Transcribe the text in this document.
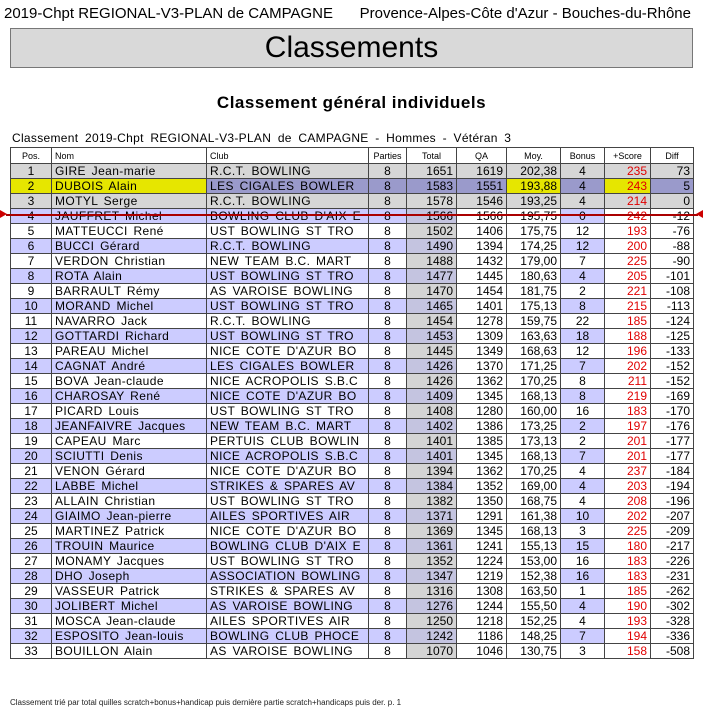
2019-Chpt REGIONAL-V3-PLAN de CAMPAGNE Provence-Alpes-Côte d'Azur - Bouches-du-Rhône
Classements
Classement général individuels
Classement 2019-Chpt REGIONAL-V3-PLAN de CAMPAGNE - Hommes - Vétéran 3
Pos.	Nom	Club	Parties	Total	QA	Moy.	Bonus	+Score	Diff
1	GIRE Jean-marie	R.C.T. BOWLING	8	1651	1619	202,38	4	235	73
2	DUBOIS Alain	LES CIGALES BOWLER	8	1583	1551	193,88	4	243	5
3	MOTYL Serge	R.C.T. BOWLING	8	1578	1546	193,25	4	214	0
4	JAUFFRET Michel	BOWLING CLUB D'AIX E	8	1566	1566	195,75	0	242	-12
5	MATTEUCCI René	UST BOWLING ST TRO	8	1502	1406	175,75	12	193	-76
6	BUCCI Gérard	R.C.T. BOWLING	8	1490	1394	174,25	12	200	-88
7	VERDON Christian	NEW TEAM B.C. MART	8	1488	1432	179,00	7	225	-90
8	ROTA Alain	UST BOWLING ST TRO	8	1477	1445	180,63	4	205	-101
9	BARRAULT Rémy	AS VAROISE BOWLING	8	1470	1454	181,75	2	221	-108
10	MORAND Michel	UST BOWLING ST TRO	8	1465	1401	175,13	8	215	-113
11	NAVARRO Jack	R.C.T. BOWLING	8	1454	1278	159,75	22	185	-124
12	GOTTARDI Richard	UST BOWLING ST TRO	8	1453	1309	163,63	18	188	-125
13	PAREAU Michel	NICE COTE D'AZUR BO	8	1445	1349	168,63	12	196	-133
14	CAGNAT André	LES CIGALES BOWLER	8	1426	1370	171,25	7	202	-152
15	BOVA Jean-claude	NICE ACROPOLIS S.B.C	8	1426	1362	170,25	8	211	-152
16	CHAROSAY René	NICE COTE D'AZUR BO	8	1409	1345	168,13	8	219	-169
17	PICARD Louis	UST BOWLING ST TRO	8	1408	1280	160,00	16	183	-170
18	JEANFAIVRE Jacques	NEW TEAM B.C. MART	8	1402	1386	173,25	2	197	-176
19	CAPEAU Marc	PERTUIS CLUB BOWLIN	8	1401	1385	173,13	2	201	-177
20	SCIUTTI Denis	NICE ACROPOLIS S.B.C	8	1401	1345	168,13	7	201	-177
21	VENON Gérard	NICE COTE D'AZUR BO	8	1394	1362	170,25	4	237	-184
22	LABBE Michel	STRIKES & SPARES AV	8	1384	1352	169,00	4	203	-194
23	ALLAIN Christian	UST BOWLING ST TRO	8	1382	1350	168,75	4	208	-196
24	GIAIMO Jean-pierre	AILES SPORTIVES AIR	8	1371	1291	161,38	10	202	-207
25	MARTINEZ Patrick	NICE COTE D'AZUR BO	8	1369	1345	168,13	3	225	-209
26	TROUIN Maurice	BOWLING CLUB D'AIX E	8	1361	1241	155,13	15	180	-217
27	MONAMY Jacques	UST BOWLING ST TRO	8	1352	1224	153,00	16	183	-226
28	DHO Joseph	ASSOCIATION BOWLING	8	1347	1219	152,38	16	183	-231
29	VASSEUR Patrick	STRIKES & SPARES AV	8	1316	1308	163,50	1	185	-262
30	JOLIBERT Michel	AS VAROISE BOWLING	8	1276	1244	155,50	4	190	-302
31	MOSCA Jean-claude	AILES SPORTIVES AIR	8	1250	1218	152,25	4	193	-328
32	ESPOSITO Jean-louis	BOWLING CLUB PHOCE	8	1242	1186	148,25	7	194	-336
33	BOUILLON Alain	AS VAROISE BOWLING	8	1070	1046	130,75	3	158	-508
Classement trié par total quilles scratch+bonus+handicap puis dernière partie scratch+handicaps puis der. p. 1
